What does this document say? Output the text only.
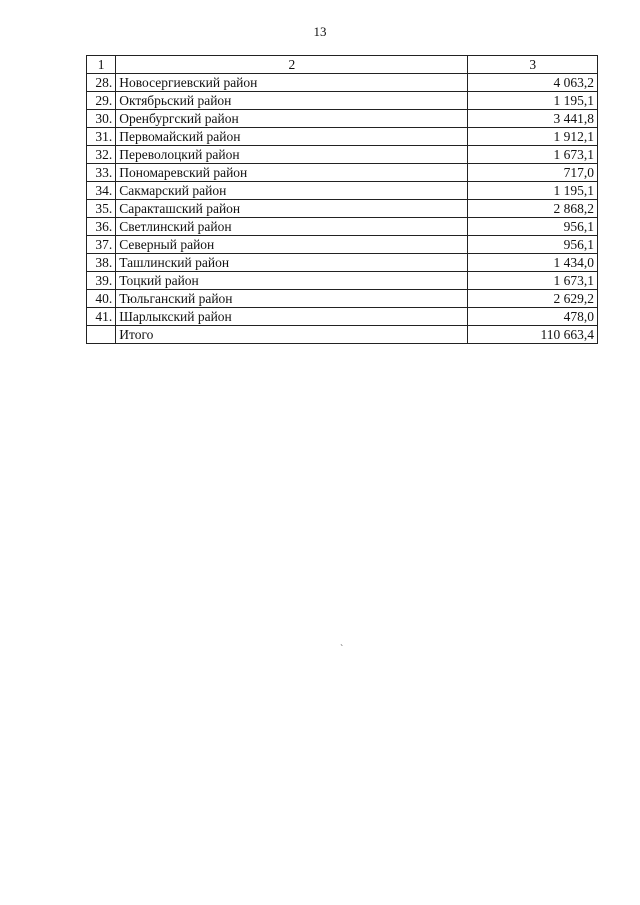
13
1	2	3
28.	Новосергиевский район	4 063,2
29.	Октябрьский район	1 195,1
30.	Оренбургский район	3 441,8
31.	Первомайский район	1 912,1
32.	Переволоцкий район	1 673,1
33.	Пономаревский район	717,0
34.	Сакмарский район	1 195,1
35.	Саракташский район	2 868,2
36.	Светлинский район	956,1
37.	Северный район	956,1
38.	Ташлинский район	1 434,0
39.	Тоцкий район	1 673,1
40.	Тюльганский район	2 629,2
41.	Шарлыкский район	478,0
	Итого	110 663,4
`
